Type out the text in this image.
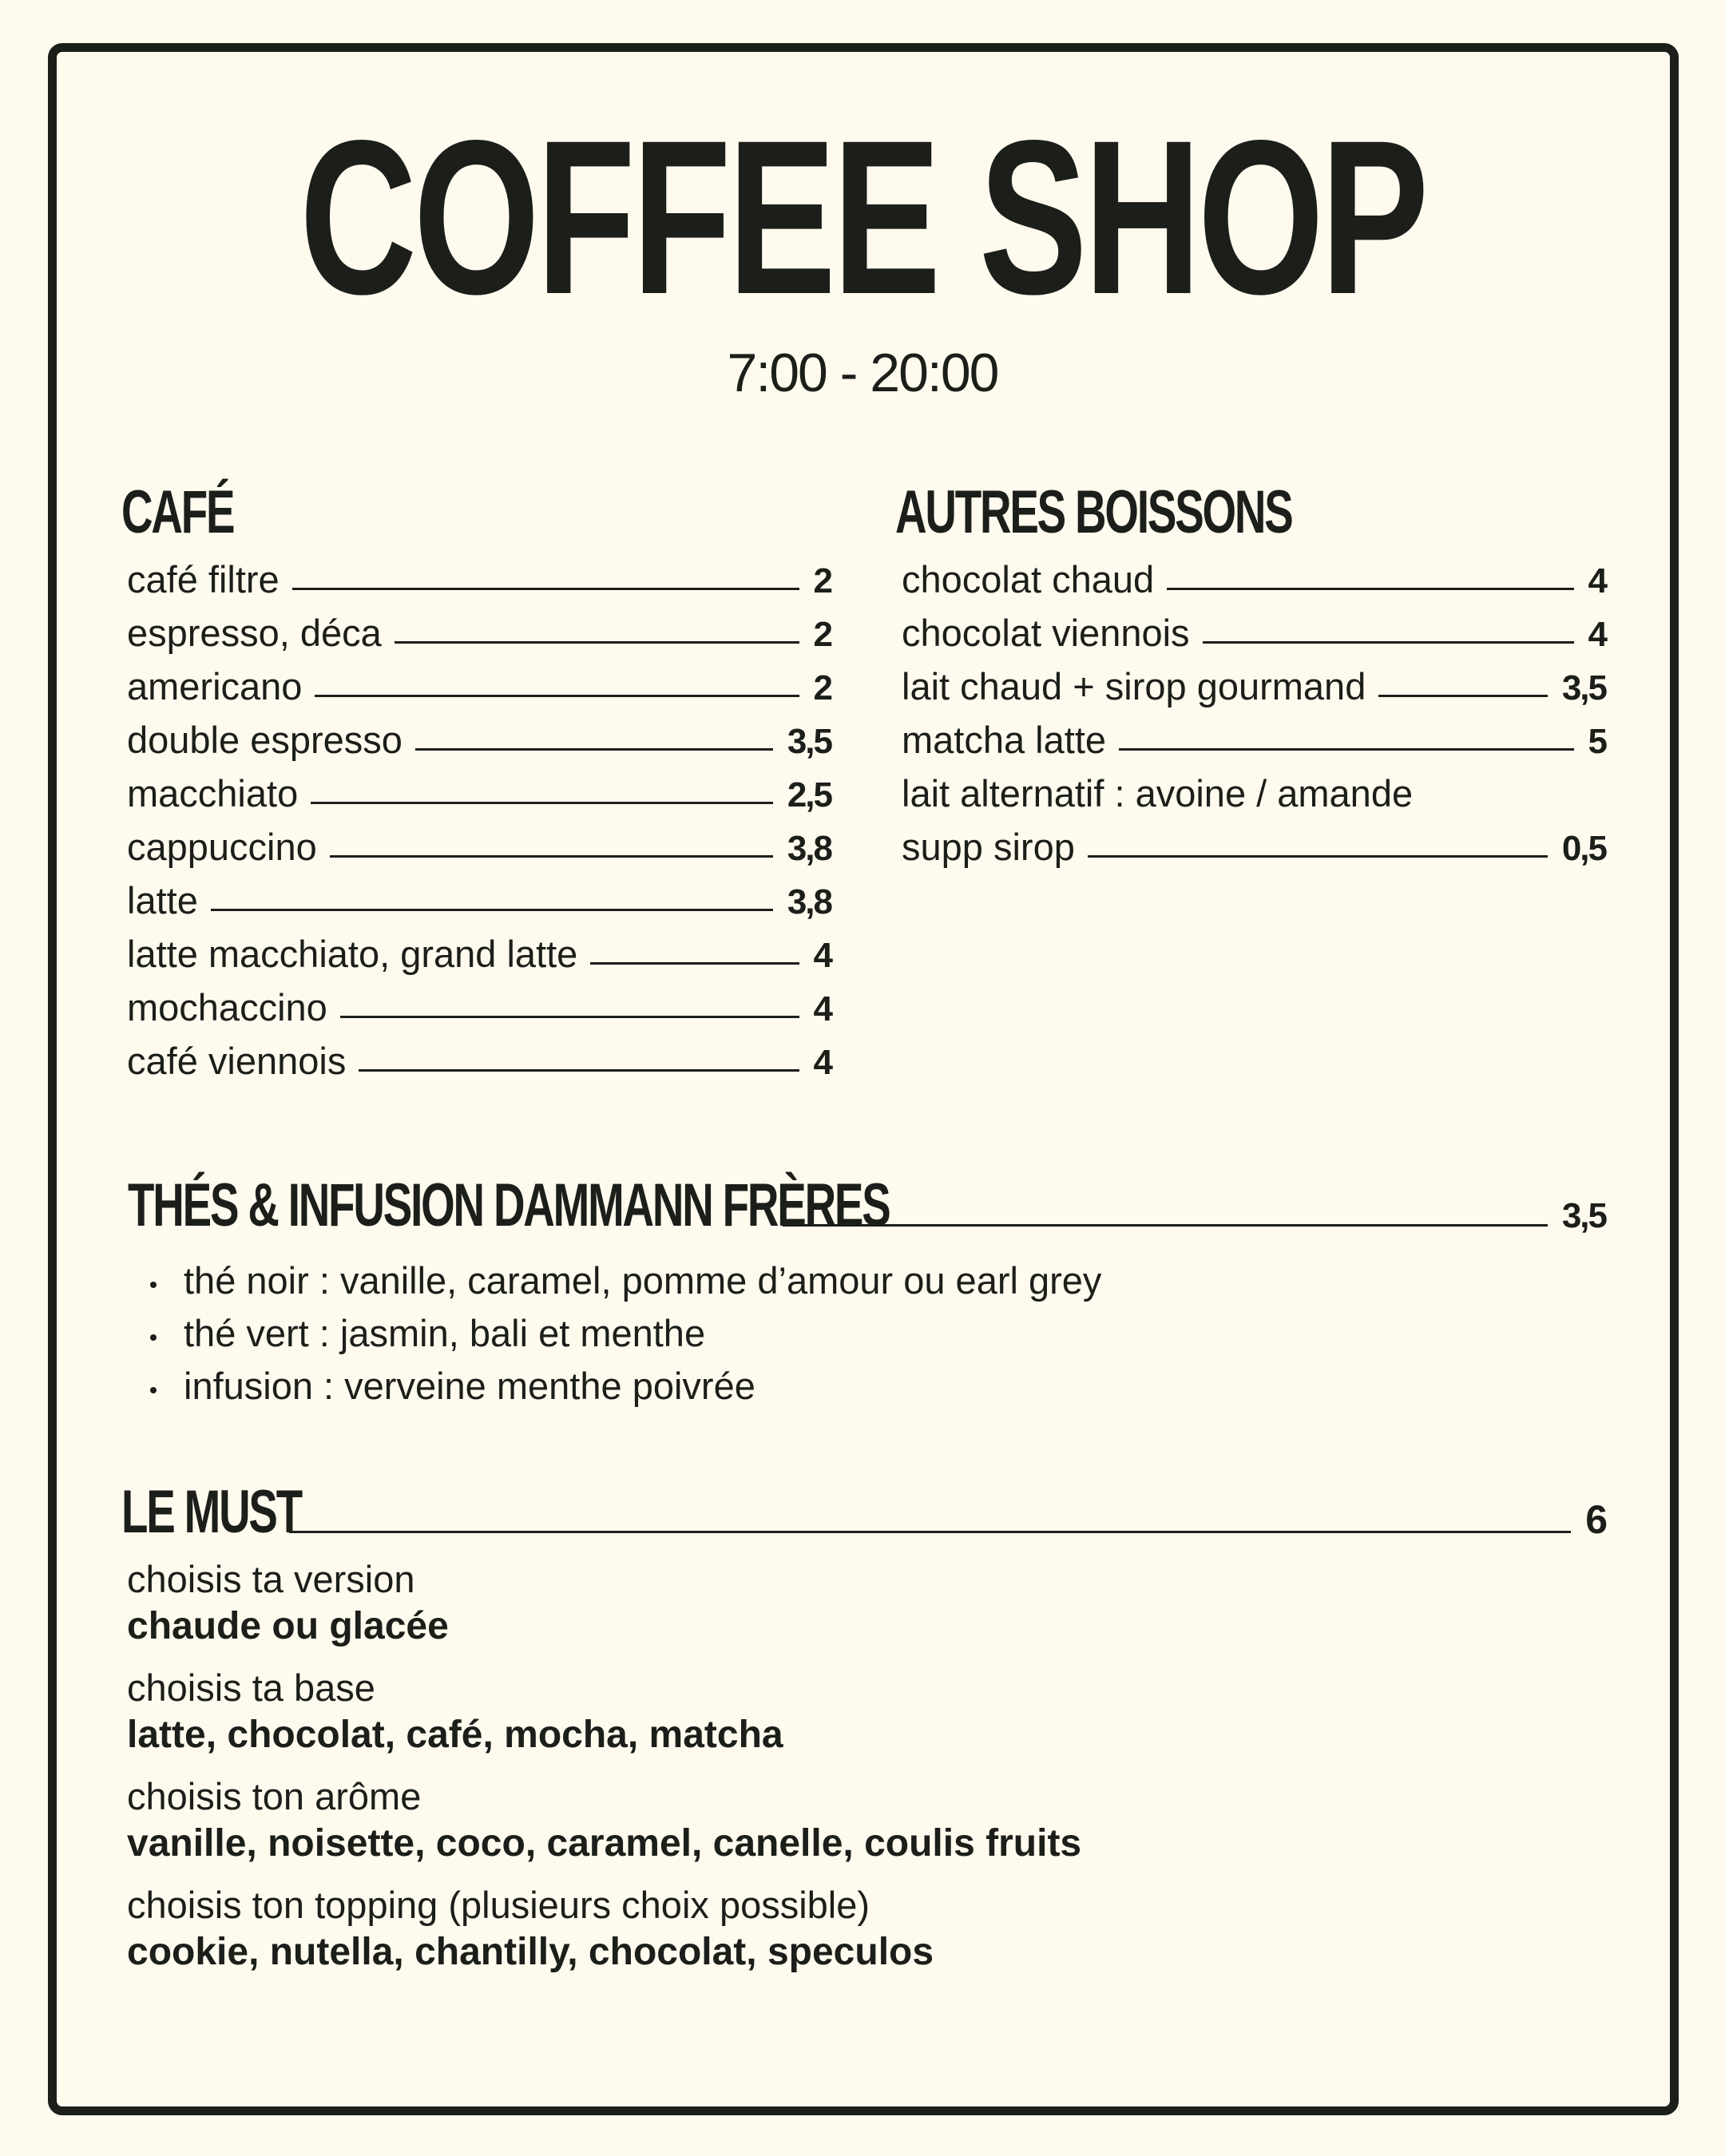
COFFEE SHOP
7:00 - 20:00
CAFÉ
café filtre	2
espresso, déca	2
americano	2
double espresso	3,5
macchiato	2,5
cappuccino	3,8
latte	3,8
latte macchiato, grand latte	4
mochaccino	4
café viennois	4
AUTRES BOISSONS
chocolat chaud	4
chocolat viennois	4
lait chaud + sirop gourmand	3,5
matcha latte	5
lait alternatif : avoine / amande
supp sirop	0,5
THÉS & INFUSION DAMMANN FRÈRES	3,5
thé noir : vanille, caramel, pomme d’amour ou earl grey
thé vert : jasmin, bali et menthe
infusion : verveine menthe poivrée
LE MUST	6
choisis ta version
chaude ou glacée
choisis ta base
latte, chocolat, café, mocha, matcha
choisis ton arôme
vanille, noisette, coco, caramel, canelle, coulis fruits
choisis ton topping (plusieurs choix possible)
cookie, nutella, chantilly, chocolat, speculos
